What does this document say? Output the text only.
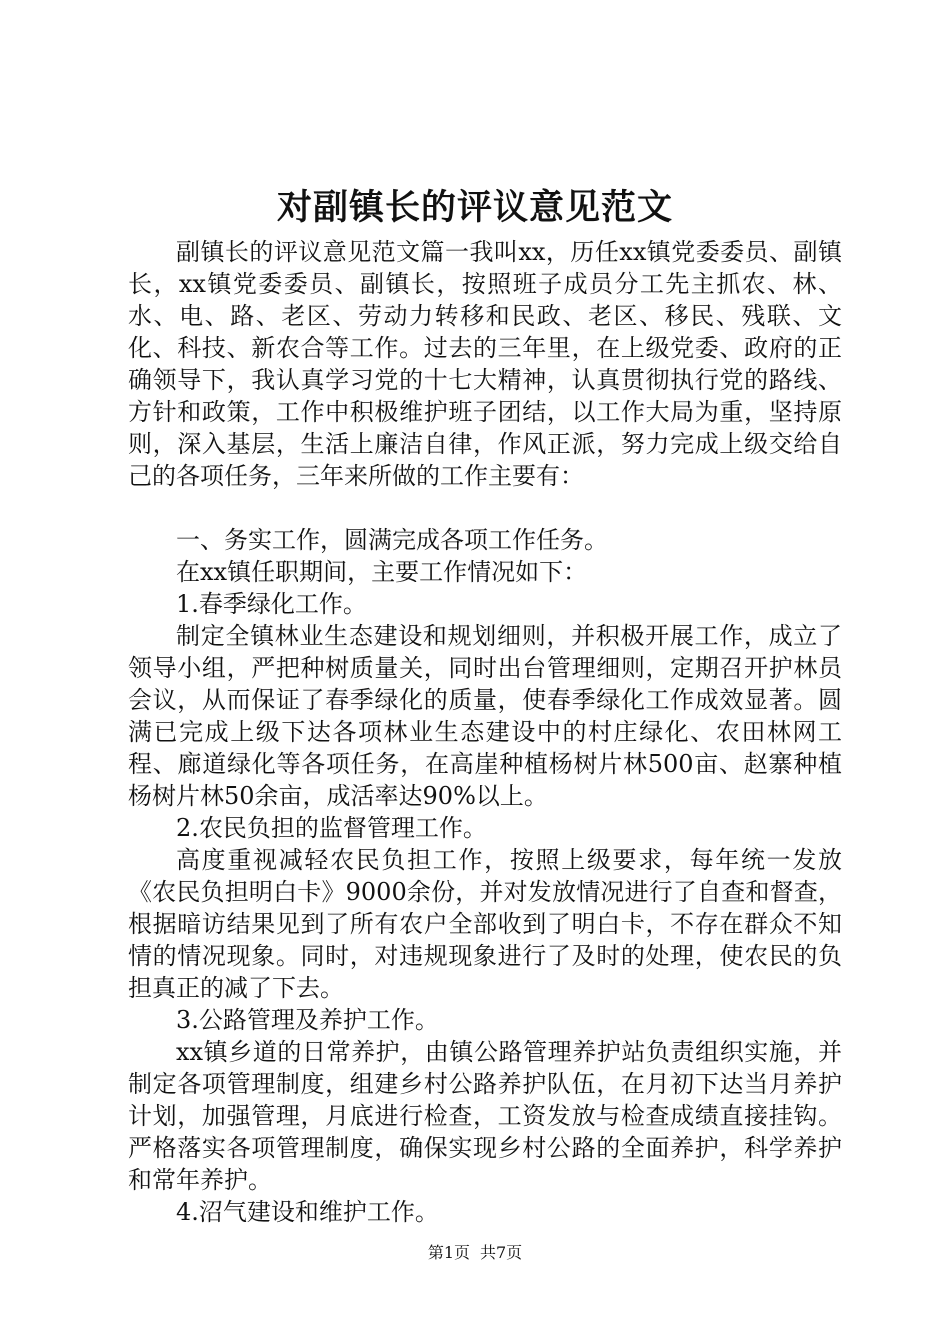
对副镇长的评议意见范文

副镇长的评议意见范文篇一我叫xx，历任xx镇党委委员、副镇长，xx镇党委委员、副镇长，按照班子成员分工先主抓农、林、水、电、路、老区、劳动力转移和民政、老区、移民、残联、文化、科技、新农合等工作。过去的三年里，在上级党委、政府的正确领导下，我认真学习党的十七大精神，认真贯彻执行党的路线、方针和政策，工作中积极维护班子团结，以工作大局为重，坚持原则，深入基层，生活上廉洁自律，作风正派，努力完成上级交给自己的各项任务，三年来所做的工作主要有：

一、务实工作，圆满完成各项工作任务。

在xx镇任职期间，主要工作情况如下：

1.春季绿化工作。

制定全镇林业生态建设和规划细则，并积极开展工作，成立了领导小组，严把种树质量关，同时出台管理细则，定期召开护林员会议，从而保证了春季绿化的质量，使春季绿化工作成效显著。圆满已完成上级下达各项林业生态建设中的村庄绿化、农田林网工程、廊道绿化等各项任务，在高崖种植杨树片林500亩、赵寨种植杨树片林50余亩，成活率达90%以上。

2.农民负担的监督管理工作。

高度重视减轻农民负担工作，按照上级要求，每年统一发放《农民负担明白卡》9000余份，并对发放情况进行了自查和督查，根据暗访结果见到了所有农户全部收到了明白卡，不存在群众不知情的情况现象。同时，对违规现象进行了及时的处理，使农民的负担真正的减了下去。

3.公路管理及养护工作。

xx镇乡道的日常养护，由镇公路管理养护站负责组织实施，并制定各项管理制度，组建乡村公路养护队伍，在月初下达当月养护计划，加强管理，月底进行检查，工资发放与检查成绩直接挂钩。严格落实各项管理制度，确保实现乡村公路的全面养护，科学养护和常年养护。

4.沼气建设和维护工作。

第1页 共7页
